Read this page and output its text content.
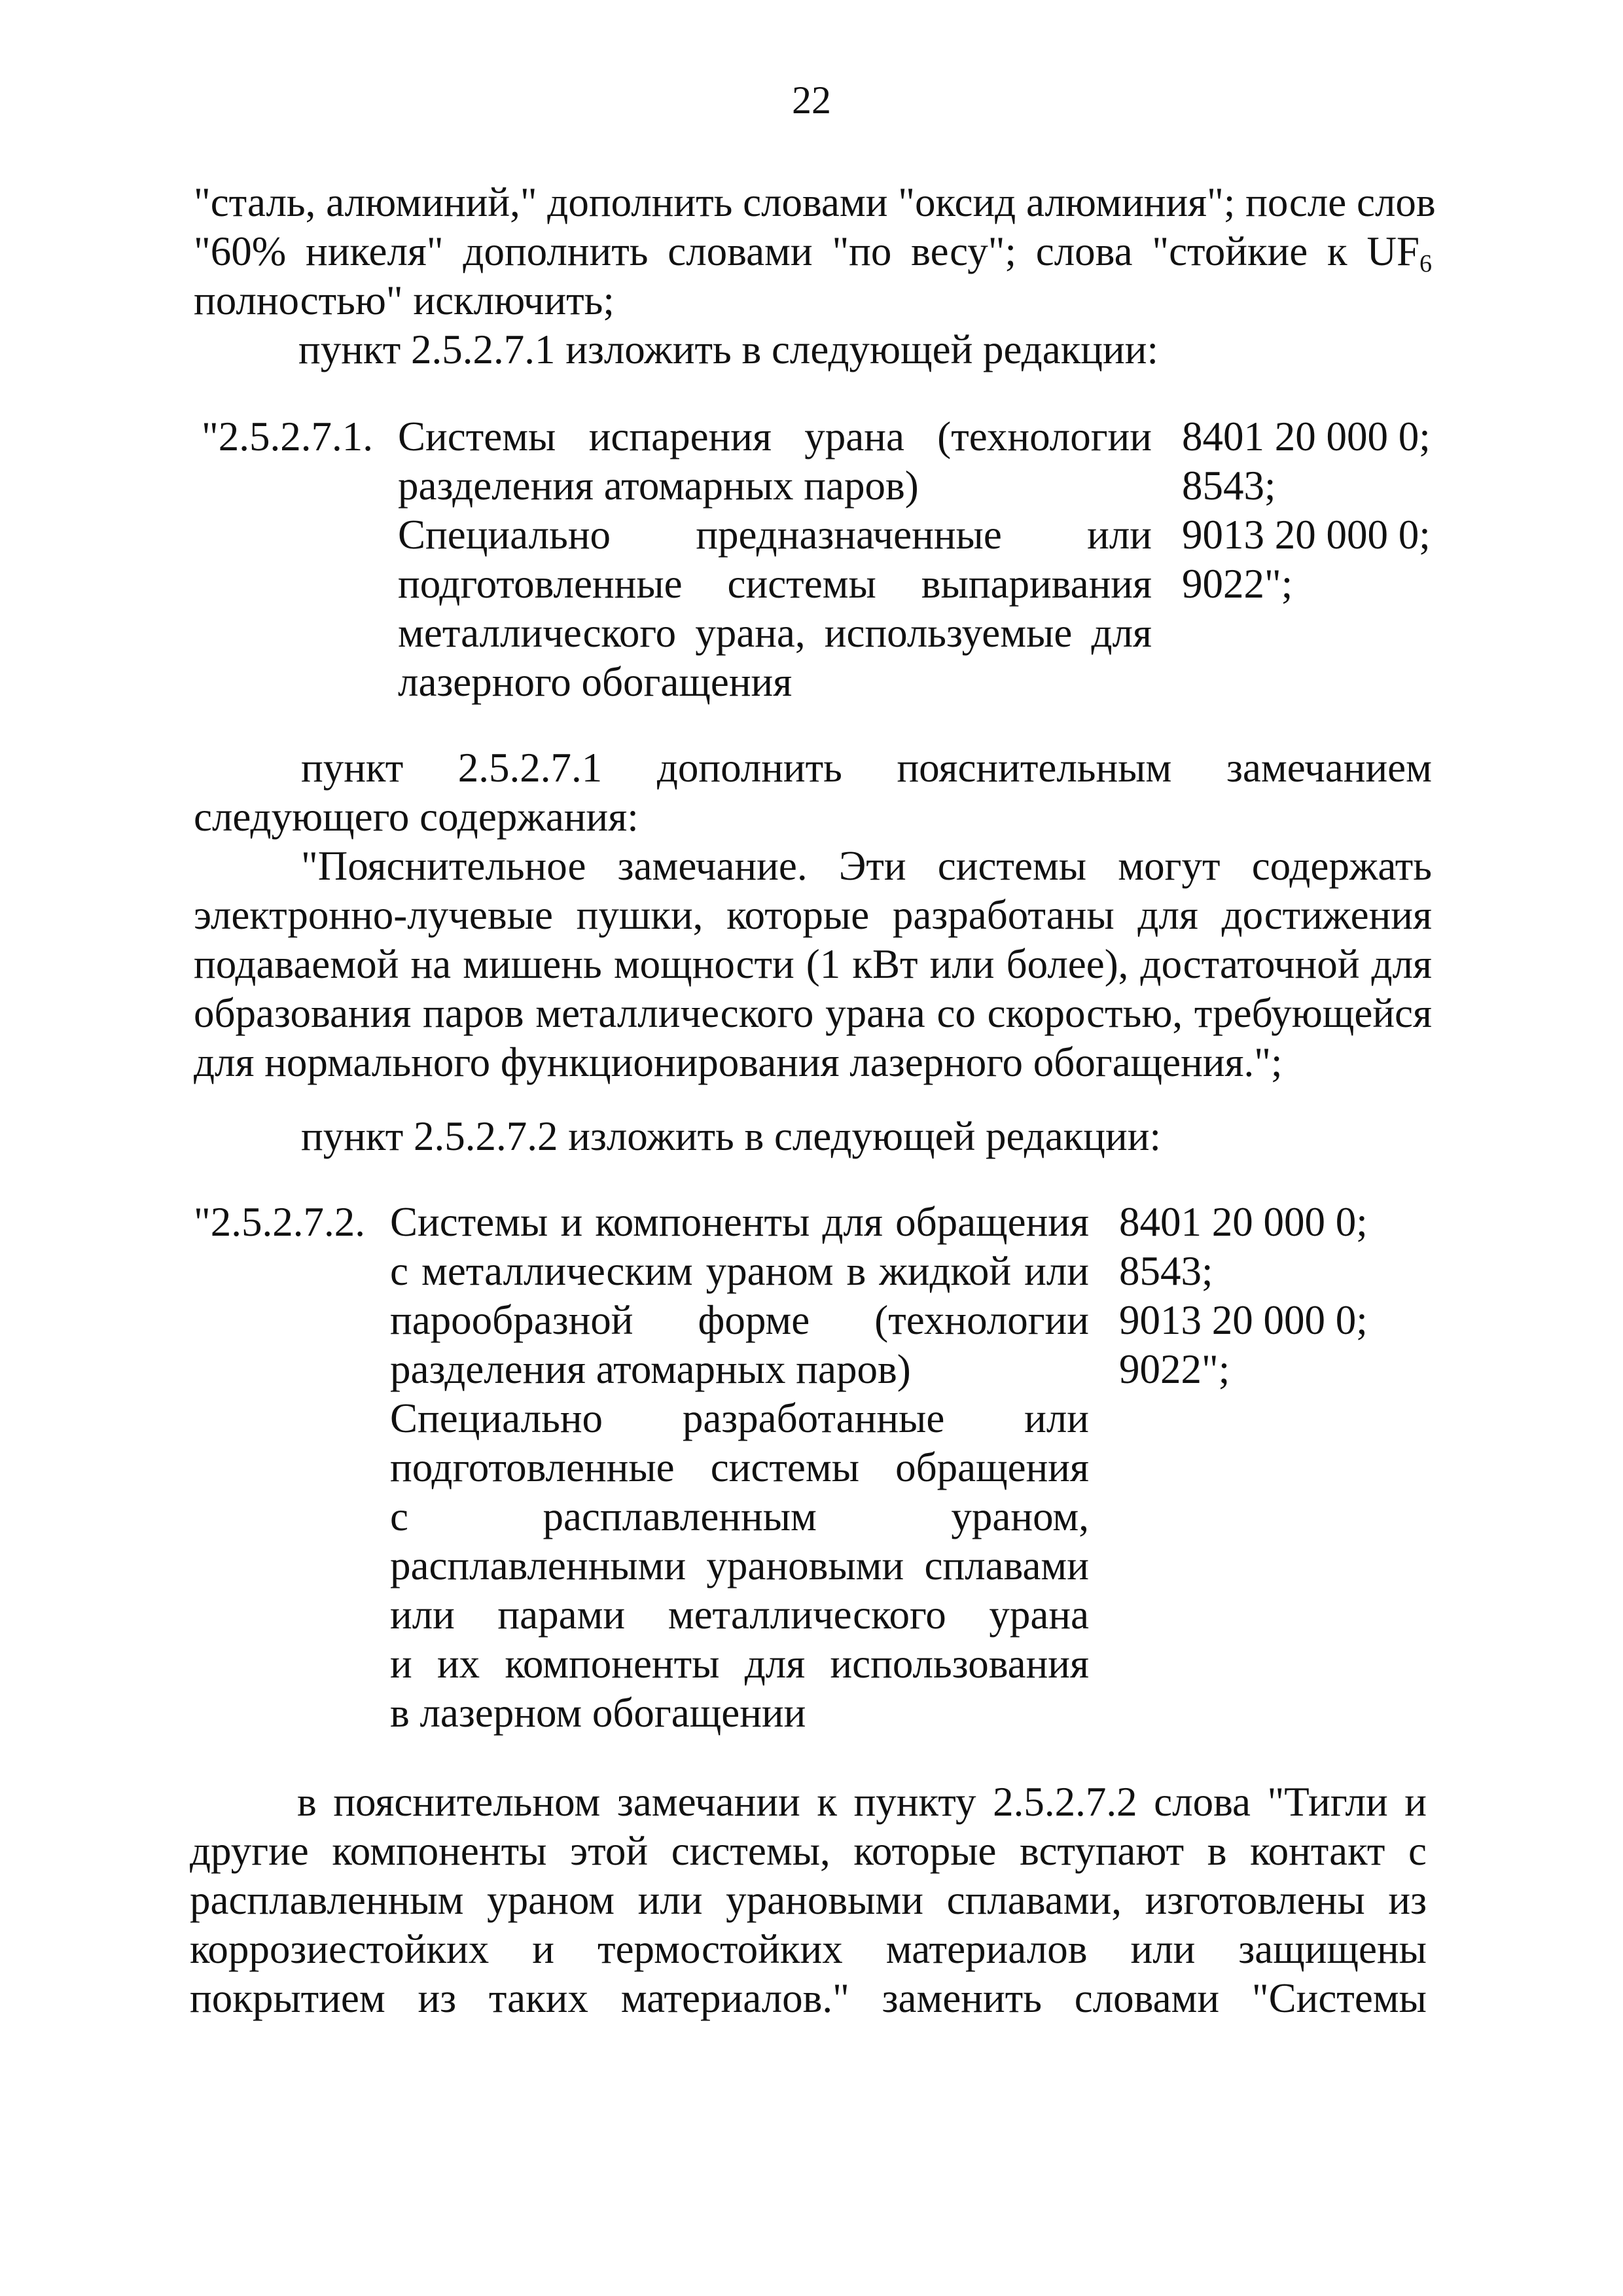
22
"сталь, алюминий," дополнить словами "оксид алюминия"; после слов
"60% никеля" дополнить словами "по весу"; слова "стойкие к $UF_6$
полностью" исключить;
пункт 2.5.2.7.1 изложить в следующей редакции:
"2.5.2.7.1. Системы испарения урана (технологии
разделения атомарных паров)
Специально предназначенные или
подготовленные системы выпаривания
металлического урана, используемые для
лазерного обогащения
8401 20 000 0;
8543;
9013 20 000 0;
9022";
пункт 2.5.2.7.1 дополнить пояснительным замечанием
следующего содержания:
"Пояснительное замечание. Эти системы могут содержать
электронно-лучевые пушки, которые разработаны для достижения
подаваемой на мишень мощности (1 кВт или более), достаточной для
образования паров металлического урана со скоростью, требующейся
для нормального функционирования лазерного обогащения.";
пункт 2.5.2.7.2 изложить в следующей редакции:
"2.5.2.7.2. Системы и компоненты для обращения
с металлическим ураном в жидкой или
парообразной форме (технологии
разделения атомарных паров)
Специально разработанные или
подготовленные системы обращения
с расплавленным ураном,
расплавленными урановыми сплавами
или парами металлического урана
и их компоненты для использования
в лазерном обогащении
8401 20 000 0;
8543;
9013 20 000 0;
9022";
в пояснительном замечании к пункту 2.5.2.7.2 слова "Тигли и
другие компоненты этой системы, которые вступают в контакт с
расплавленным ураном или урановыми сплавами, изготовлены из
коррозиестойких и термостойких материалов или защищены
покрытием из таких материалов." заменить словами "Системы
